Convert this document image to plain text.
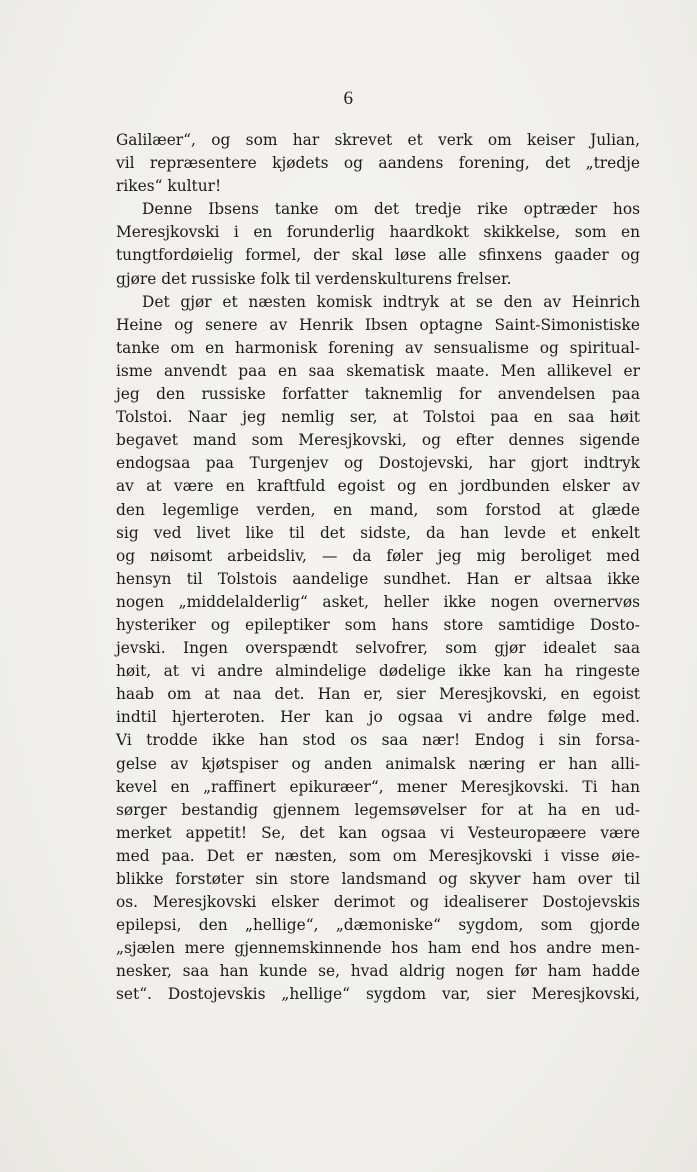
6
Galilæer“, og som har skrevet et verk om keiser Julian,
vil repræsentere kjødets og aandens forening, det „tredje
rikes“ kultur!
Denne Ibsens tanke om det tredje rike optræder hos
Meresjkovski i en forunderlig haardkokt skikkelse, som en
tungtfordøielig formel, der skal løse alle sfinxens gaader og
gjøre det russiske folk til verdenskulturens frelser.
Det gjør et næsten komisk indtryk at se den av Heinrich
Heine og senere av Henrik Ibsen optagne Saint-Simonistiske
tanke om en harmonisk forening av sensualisme og spiritual-
isme anvendt paa en saa skematisk maate. Men allikevel er
jeg den russiske forfatter taknemlig for anvendelsen paa
Tolstoi. Naar jeg nemlig ser, at Tolstoi paa en saa høit
begavet mand som Meresjkovski, og efter dennes sigende
endogsaa paa Turgenjev og Dostojevski, har gjort indtryk
av at være en kraftfuld egoist og en jordbunden elsker av
den legemlige verden, en mand, som forstod at glæde
sig ved livet like til det sidste, da han levde et enkelt
og nøisomt arbeidsliv, — da føler jeg mig beroliget med
hensyn til Tolstois aandelige sundhet. Han er altsaa ikke
nogen „middelalderlig“ asket, heller ikke nogen overnervøs
hysteriker og epileptiker som hans store samtidige Dosto-
jevski. Ingen overspændt selvofrer, som gjør idealet saa
høit, at vi andre almindelige dødelige ikke kan ha ringeste
haab om at naa det. Han er, sier Meresjkovski, en egoist
indtil hjerteroten. Her kan jo ogsaa vi andre følge med.
Vi trodde ikke han stod os saa nær! Endog i sin forsa-
gelse av kjøtspiser og anden animalsk næring er han alli-
kevel en „raffinert epikuræer“, mener Meresjkovski. Ti han
sørger bestandig gjennem legemsøvelser for at ha en ud-
merket appetit! Se, det kan ogsaa vi Vesteuropæere være
med paa. Det er næsten, som om Meresjkovski i visse øie-
blikke forstøter sin store landsmand og skyver ham over til
os. Meresjkovski elsker derimot og idealiserer Dostojevskis
epilepsi, den „hellige“, „dæmoniske“ sygdom, som gjorde
„sjælen mere gjennemskinnende hos ham end hos andre men-
nesker, saa han kunde se, hvad aldrig nogen før ham hadde
set“. Dostojevskis „hellige“ sygdom var, sier Meresjkovski,
